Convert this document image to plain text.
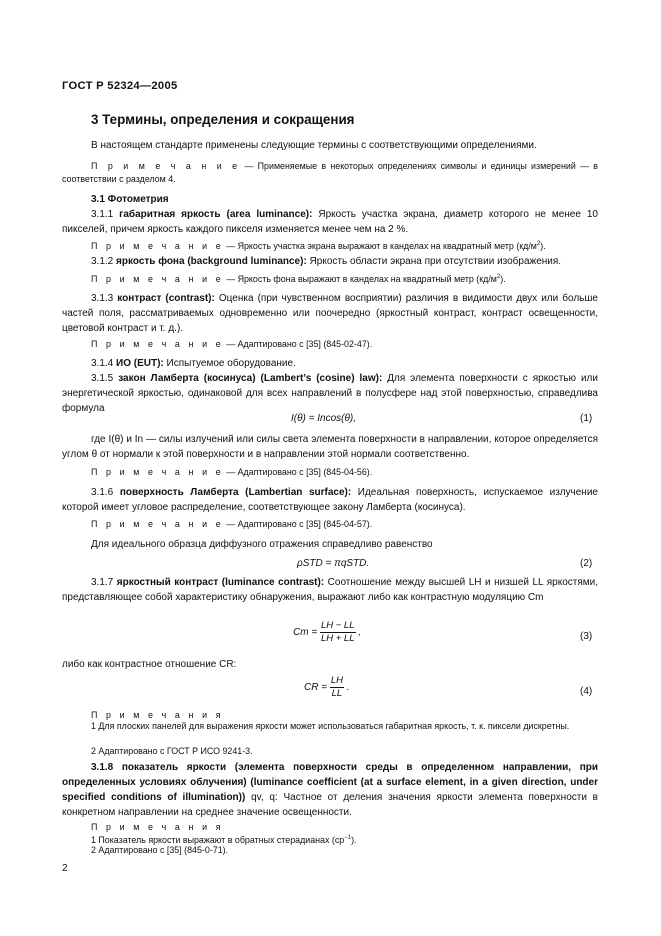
ГОСТ Р 52324—2005
3 Термины, определения и сокращения
В настоящем стандарте применены следующие термины с соответствующими определениями.
П р и м е ч а н и е — Применяемые в некоторых определениях символы и единицы измерений — в соответствии с разделом 4.
3.1 Фотометрия
3.1.1 габаритная яркость (area luminance): Яркость участка экрана, диаметр которого не менее 10 пикселей, причем яркость каждого пикселя изменяется менее чем на 2 %.
П р и м е ч а н и е — Яркость участка экрана выражают в канделах на квадратный метр $(кд/м^2)$.
3.1.2 яркость фона (background luminance): Яркость области экрана при отсутствии изображения.
П р и м е ч а н и е — Яркость фона выражают в канделах на квадратный метр $(кд/м^2)$.
3.1.3 контраст (contrast): Оценка (при чувственном восприятии) различия в видимости двух или больше частей поля, рассматриваемых одновременно или поочередно (яркостный контраст, контраст освещенности, цветовой контраст и т. д.).
П р и м е ч а н и е — Адаптировано с [35] (845-02-47).
3.1.4 ИО (EUT): Испытуемое оборудование.
3.1.5 закон Ламберта (косинуса) (Lambert’s (cosine) law): Для элемента поверхности с яркостью или энергетической яркостью, одинаковой для всех направлений в полусфере над этой поверхностью, справедлива формула
I(θ) = Inсos(θ),	(1)
где I(θ) и In — силы излучений или силы света элемента поверхности в направлении, которое определяется углом θ от нормали к этой поверхности и в направлении этой нормали соответственно.
П р и м е ч а н и е — Адаптировано с [35] (845-04-56).
3.1.6 поверхность Ламберта (Lambertian surface): Идеальная поверхность, испускаемое излучение которой имеет угловое распределение, соответствующее закону Ламберта (косинуса).
П р и м е ч а н и е — Адаптировано с [35] (845-04-57).
Для идеального образца диффузного отражения справедливо равенство
ρSTD = πqSTD.	(2)
3.1.7 яркостный контраст (luminance contrast): Соотношение между высшей LH и низшей LL яркостями, представляющее собой характеристику обнаружения, выражают либо как контрастную модуляцию Cm
$Cm = \frac{LH - LL}{LH + LL}$ ,	(3)
либо как контрастное отношение CR:
CR = $\frac{LH}{LL}$ .	(4)
П р и м е ч а н и я
1 Для плоских панелей для выражения яркости может использоваться габаритная яркость, т. к. пиксели дискретны.
2 Адаптировано с ГОСТ Р ИСО 9241-3.
3.1.8 показатель яркости (элемента поверхности среды в определенном направлении, при определенных условиях облучения) (luminance coefficient (at a surface element, in a given direction, under specified conditions of illumination)) qv, q: Частное от деления значения яркости элемента поверхности в конкретном направлении на среднее значение освещенности.
П р и м е ч а н и я
1 Показатель яркости выражают в обратных стерадианах $(ср^{-1})$.
2 Адаптировано с [35] (845-0-71).
2
